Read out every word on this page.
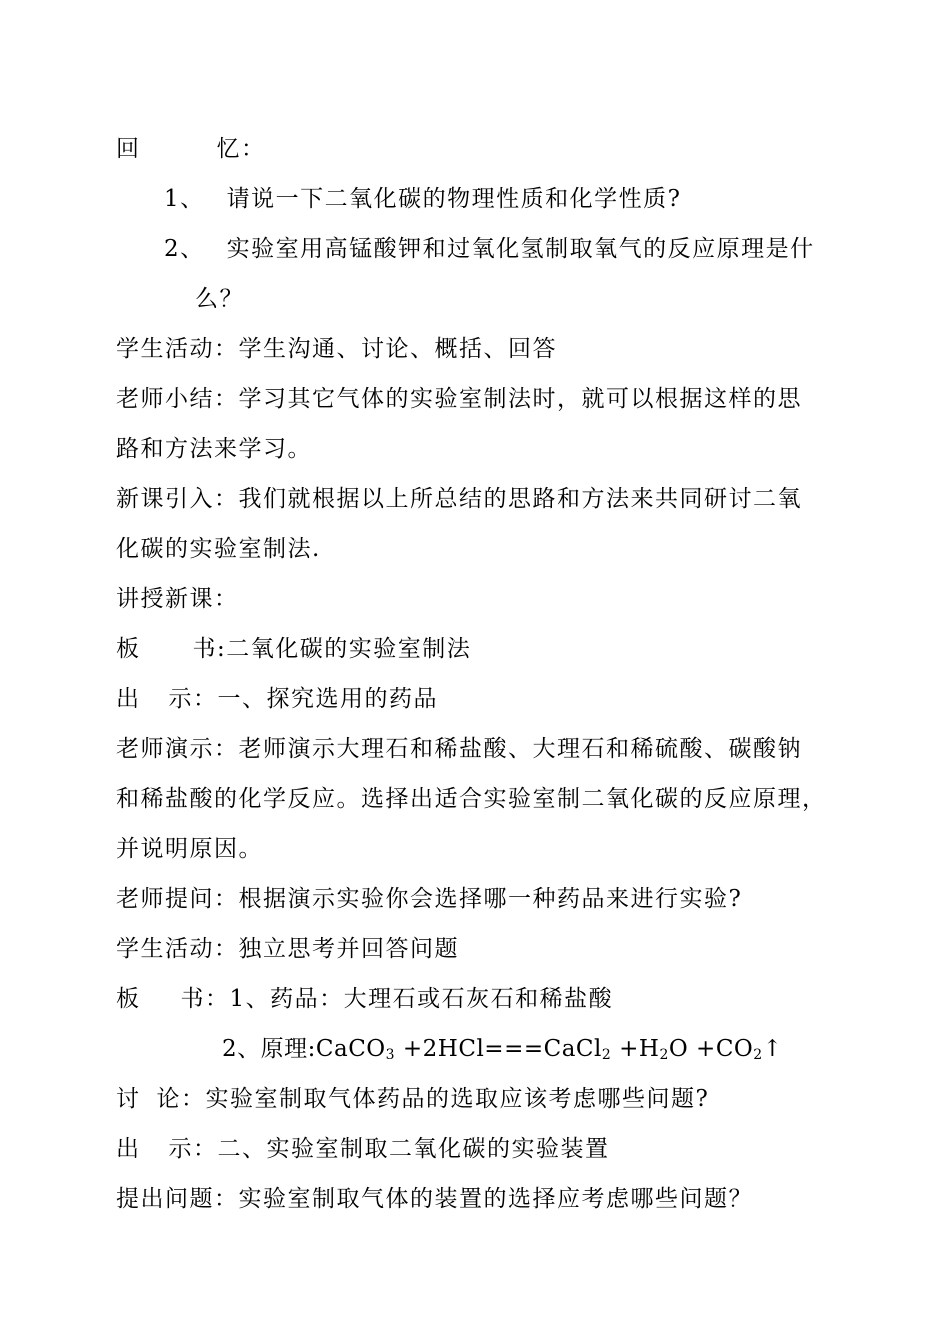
回	忆：
1、 请说一下二氧化碳的物理性质和化学性质?
2、 实验室用高锰酸钾和过氧化氢制取氧气的反应原理是什
么？
学生活动：学生沟通、讨论、概括、回答
老师小结：学习其它气体的实验室制法时，就可以根据这样的思
路和方法来学习。
新课引入：我们就根据以上所总结的思路和方法来共同研讨二氧
化碳的实验室制法.
讲授新课：
板 书:二氧化碳的实验室制法
出 示：一、探究选用的药品
老师演示：老师演示大理石和稀盐酸、大理石和稀硫酸、碳酸钠
和稀盐酸的化学反应。选择出适合实验室制二氧化碳的反应原理，
并说明原因。
老师提问：根据演示实验你会选择哪一种药品来进行实验?
学生活动：独立思考并回答问题
板 书：1、药品：大理石或石灰石和稀盐酸
2、原理:CaCO$_3$ +2HCl===CaCl$_2$ $+H_2O$ $+CO_2↑$
讨 论：实验室制取气体药品的选取应该考虑哪些问题?
出 示：二、实验室制取二氧化碳的实验装置
提出问题：实验室制取气体的装置的选择应考虑哪些问题？
